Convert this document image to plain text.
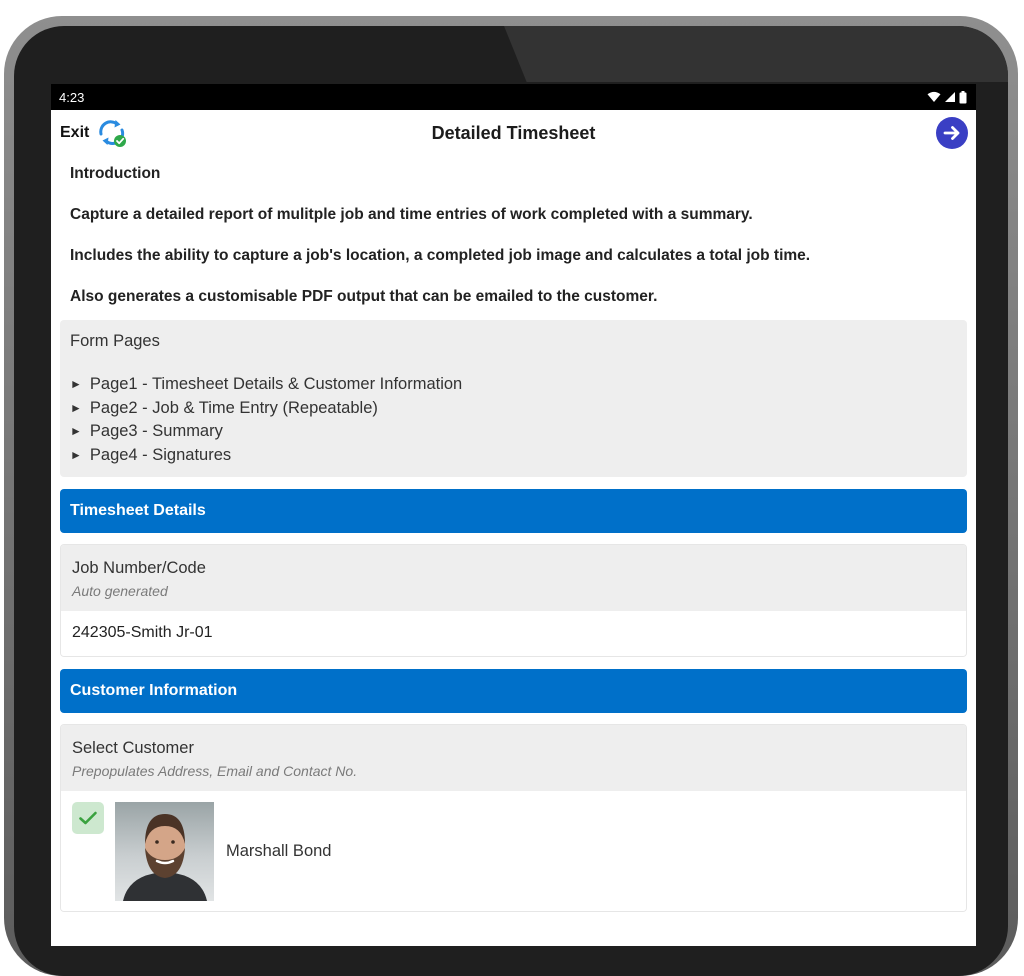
4:23
Exit	Detailed Timesheet

Introduction

Capture a detailed report of mulitple job and time entries of work completed with a summary.

Includes the ability to capture a job's location, a completed job image and calculates a total job time.

Also generates a customisable PDF output that can be emailed to the customer.

Form Pages
► Page1 - Timesheet Details & Customer Information
► Page2 - Job & Time Entry (Repeatable)
► Page3 - Summary
► Page4 - Signatures
Timesheet Details
Job Number/Code
Auto generated
242305-Smith Jr-01
Customer Information
Select Customer
Prepopulates Address, Email and Contact No.
Marshall Bond
